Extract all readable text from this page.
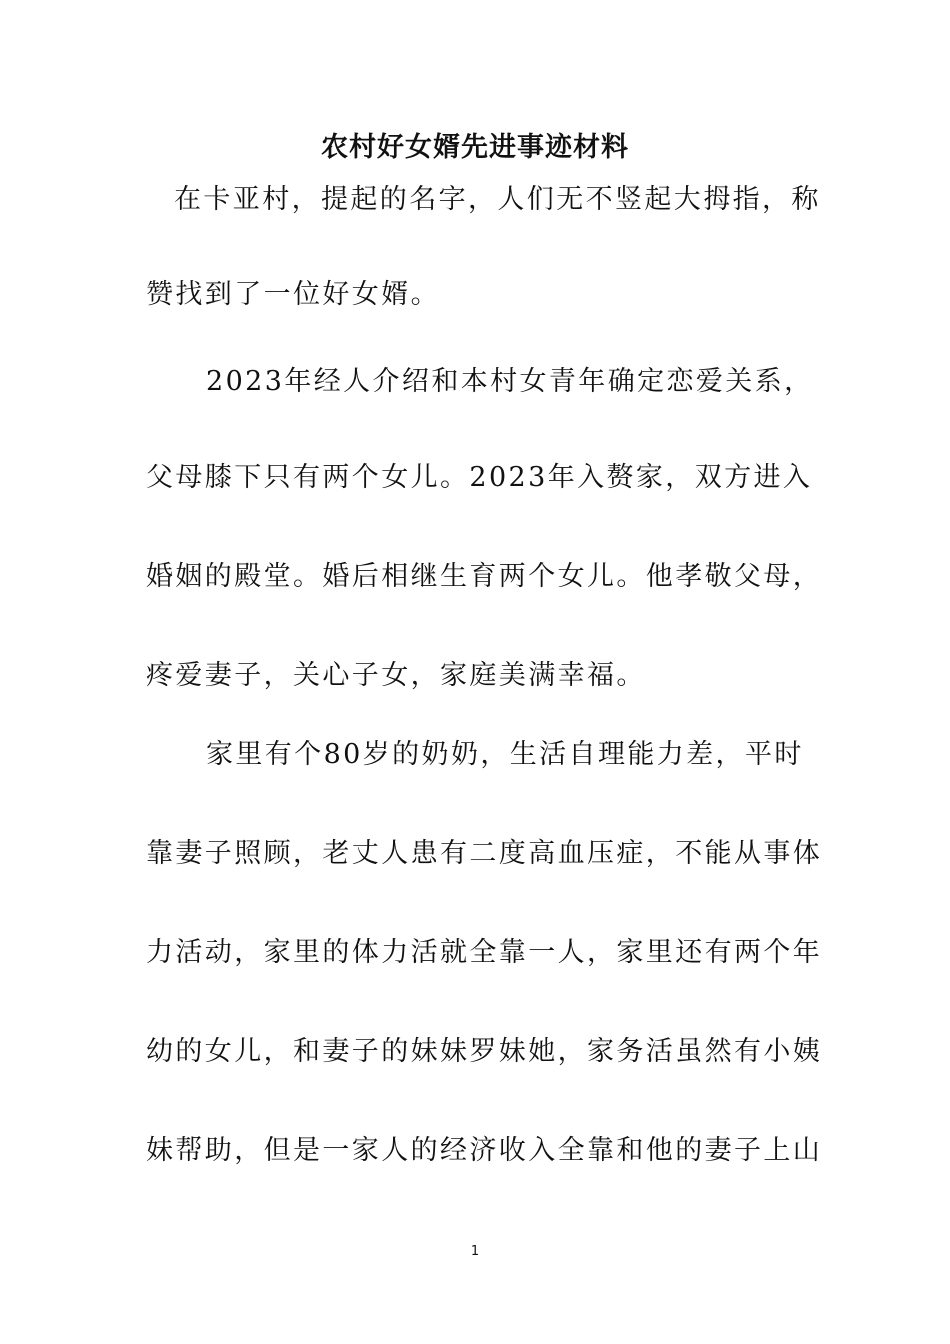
农村好女婿先进事迹材料

在卡亚村，提起的名字，人们无不竖起大拇指，称

赞找到了一位好女婿。

2023年经人介绍和本村女青年确定恋爱关系，

父母膝下只有两个女儿。2023年入赘家，双方进入

婚姻的殿堂。婚后相继生育两个女儿。他孝敬父母，

疼爱妻子，关心子女，家庭美满幸福。

家里有个80岁的奶奶，生活自理能力差，平时

靠妻子照顾，老丈人患有二度高血压症，不能从事体

力活动，家里的体力活就全靠一人，家里还有两个年

幼的女儿，和妻子的妹妹罗妹她，家务活虽然有小姨

妹帮助，但是一家人的经济收入全靠和他的妻子上山

1
